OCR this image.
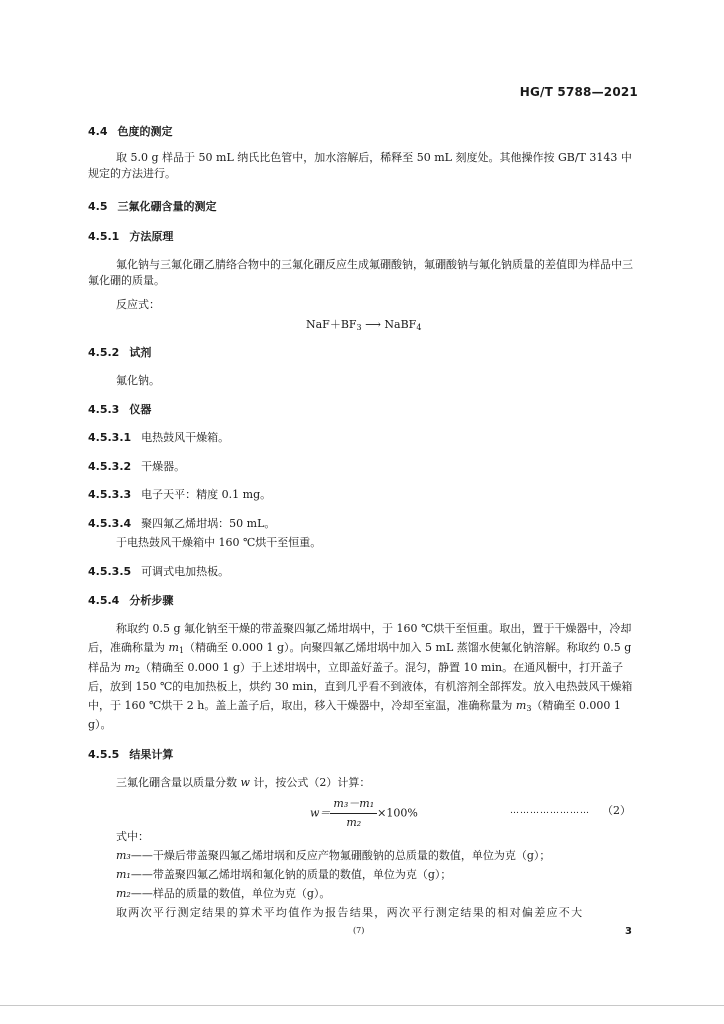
HG/T 5788—2021
4.4 色度的测定
取 5.0 g 样品于 50 mL 纳氏比色管中，加水溶解后，稀释至 50 mL 刻度处。其他操作按 GB/T 3143 中规定的方法进行。
4.5 三氟化硼含量的测定
4.5.1 方法原理
氟化钠与三氟化硼乙腈络合物中的三氟化硼反应生成氟硼酸钠，氟硼酸钠与氟化钠质量的差值即为样品中三氟化硼的质量。
反应式：
$NaF+BF_3$ ⟶ NaBF$_4$
4.5.2 试剂
氟化钠。
4.5.3 仪器
4.5.3.1 电热鼓风干燥箱。
4.5.3.2 干燥器。
4.5.3.3 电子天平：精度 0.1 mg。
4.5.3.4 聚四氟乙烯坩埚：50 mL。
于电热鼓风干燥箱中 160 ℃烘干至恒重。
4.5.3.5 可调式电加热板。
4.5.4 分析步骤
称取约 0.5 g 氟化钠至干燥的带盖聚四氟乙烯坩埚中，于 160 ℃烘干至恒重。取出，置于干燥器中，冷却后，准确称量为 $m_1$（精确至 0.000 1 g）。向聚四氟乙烯坩埚中加入 5 mL 蒸馏水使氟化钠溶解。称取约 0.5 g 样品为 $m_2$（精确至 0.000 1 g）于上述坩埚中，立即盖好盖子。混匀，静置 10 min。在通风橱中，打开盖子后，放到 150 ℃的电加热板上，烘约 30 min，直到几乎看不到液体，有机溶剂全部挥发。放入电热鼓风干燥箱中，于 160 ℃烘干 2 h。盖上盖子后，取出，移入干燥器中，冷却至室温，准确称量为 $m_3$（精确至 0.000 1 g）。
4.5.5 结果计算
三氟化硼含量以质量分数 w 计，按公式（2）计算：
$w= \frac{\text{m₃－m₁}}{\text{m₂}} \times 100\%$	…………………… （2）
式中：
m₃——干燥后带盖聚四氟乙烯坩埚和反应产物氟硼酸钠的总质量的数值，单位为克（g）；
m₁——带盖聚四氟乙烯坩埚和氟化钠的质量的数值，单位为克（g）；
m₂——样品的质量的数值，单位为克（g）。
取两次平行测定结果的算术平均值作为报告结果，两次平行测定结果的相对偏差应不大
(7)	3
